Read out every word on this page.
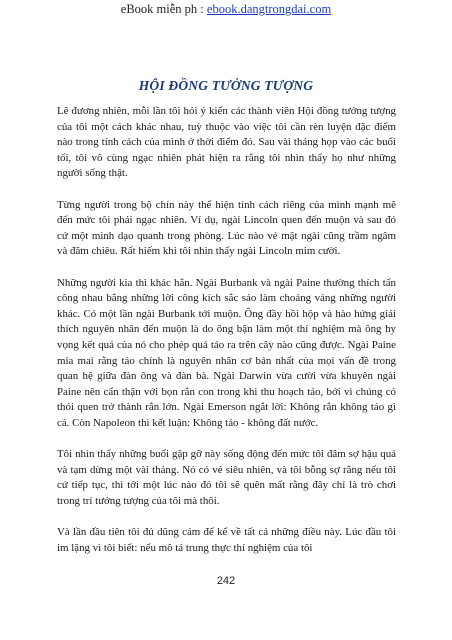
eBook miễn ph : ebook.dangtrongdai.com
HỘI ĐỒNG TƯỞNG TƯỢNG

Lẽ đương nhiên, mỗi lần tôi hỏi ý kiến các thành viên Hội đồng tưởng tượng của tôi một cách khác nhau, tuỳ thuộc vào việc tôi cần rèn luyện đặc điểm nào trong tính cách của mình ở thời điểm đó. Sau vài tháng họp vào các buổi tối, tôi vô cùng ngạc nhiên phát hiện ra rằng tôi nhìn thấy họ như những người sống thật.

Từng người trong bộ chín này thể hiện tính cách riêng của mình mạnh mẽ đến mức tôi phải ngạc nhiên. Ví dụ, ngài Lincoln quen đến muộn và sau đó cứ một mình dạo quanh trong phòng. Lúc nào vẻ mặt ngài cũng trầm ngâm và đăm chiêu. Rất hiếm khi tôi nhìn thấy ngài Lincoln mỉm cười.

Những người kia thì khác hẳn. Ngài Burbank và ngài Paine thường thích tấn công nhau bằng những lời công kích sắc sảo làm choáng váng những người khác. Có một lần ngài Burbank tới muộn. Ông đầy hồi hộp và hào hứng giải thích nguyên nhân đến muộn là do ông bận làm một thí nghiệm mà ông hy vọng kết quả của nó cho phép quả táo ra trên cây nào cũng được. Ngài Paine mỉa mai rằng táo chính là nguyên nhân cơ bản nhất của mọi vấn đề trong quan hệ giữa đàn ông và đàn bà. Ngài Darwin vừa cười vừa khuyên ngài Paine nên cẩn thận với bọn rắn con trong khi thu hoạch táo, bởi vì chúng có thói quen trở thành rắn lớn. Ngài Emerson ngắt lời: Không rắn không táo gì cả. Còn Napoleon thì kết luận: Không táo - không đất nước.

Tôi nhìn thấy những buổi gặp gỡ này sống động đến mức tôi đâm sợ hậu quả và tạm dừng một vài tháng. Nó có vẻ siêu nhiên, và tôi bỗng sợ rằng nếu tôi cứ tiếp tục, thì tới một lúc nào đó tôi sẽ quên mất rằng đây chỉ là trò chơi trong trí tưởng tượng của tôi mà thôi.

Và lần đầu tiên tôi đủ dũng cảm để kể về tất cả những điều này. Lúc đầu tôi im lặng vì tôi biết: nếu mô tả trung thực thí nghiệm của tôi

242
